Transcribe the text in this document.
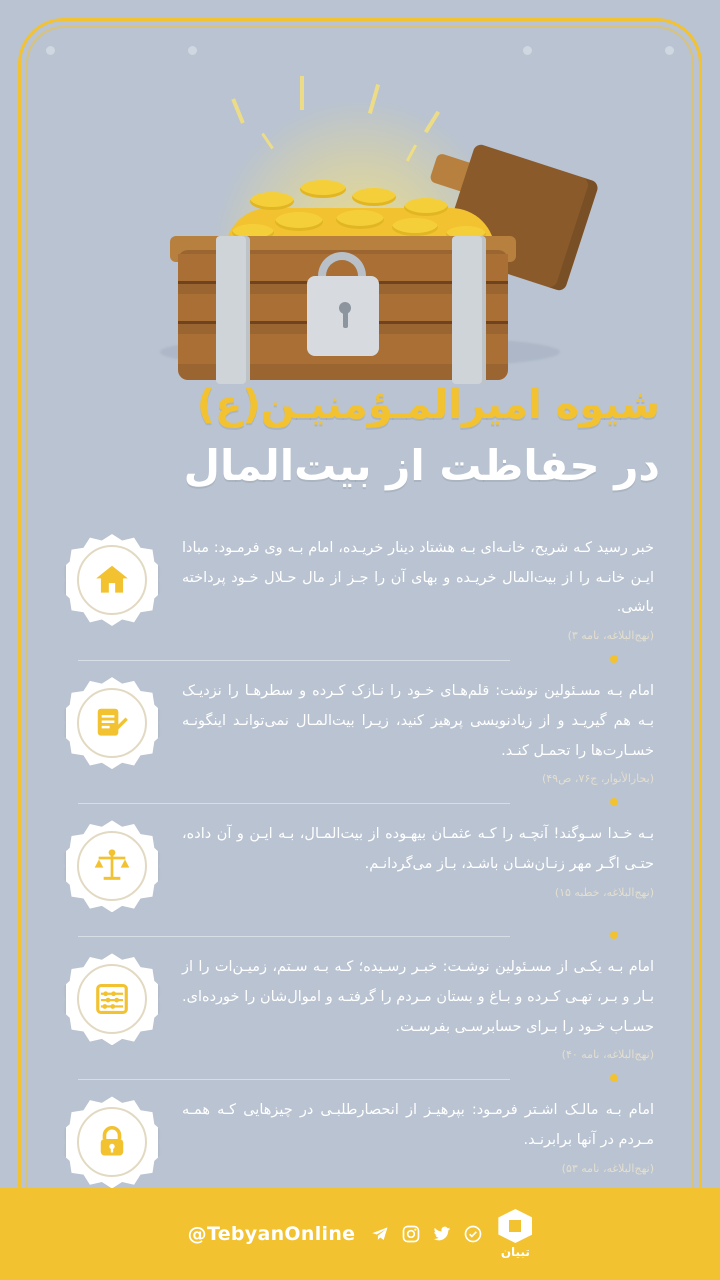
شیوه امیرالمـؤمنیـن(ع)
در حفاظت از بیت‌المال

خبر رسید کـه شریح، خانـه‌ای بـه هشتاد دینار خریـده، امام بـه وی فرمـود: مبادا ایـن خانـه را از بیت‌المال خریـده و بهای آن را جـز از مال حـلال خـود پرداخته باشی.

(نهج‌البلاغه، نامه ۳)

امام بـه مسـئولین نوشت: قلم‌هـای خـود را نـازک کـرده و سطرهـا را نزدیـک بـه هم گیریـد و از زیادنویسی پرهیز کنید، زیـرا بیت‌المـال نمی‌توانـد اینگونـه خسـارت‌ها را تحمـل کنـد.

(بحارالأنوار، ج۷۶، ص۴۹)

بـه خـدا سـوگند! آنچـه را کـه عثمـان بیهـوده از بیت‌المـال، بـه ایـن و آن داده، حتـی اگـر مهر زنـان‌شـان باشـد، بـاز می‌گردانـم.

(نهج‌البلاغه، خطبه ۱۵)

امام بـه یکـی از مسـئولین نوشـت: خبـر رسـیده؛ کـه بـه سـتم، زمیـن‌ات را از بـار و بـر، تهـی کـرده و بـاغ و بستان مـردم را گرفتـه و اموال‌شان را خورده‌ای. حسـاب خـود را بـرای حسابرسـی بفرسـت.

(نهج‌البلاغه، نامه ۴۰)

امام بـه مالـک اشـتر فرمـود: بپرهیـز از انحصارطلبـی در چیزهایی کـه همـه مـردم در آنها برابرنـد.

(نهج‌البلاغه، نامه ۵۳)
تبیان
@TebyanOnline
